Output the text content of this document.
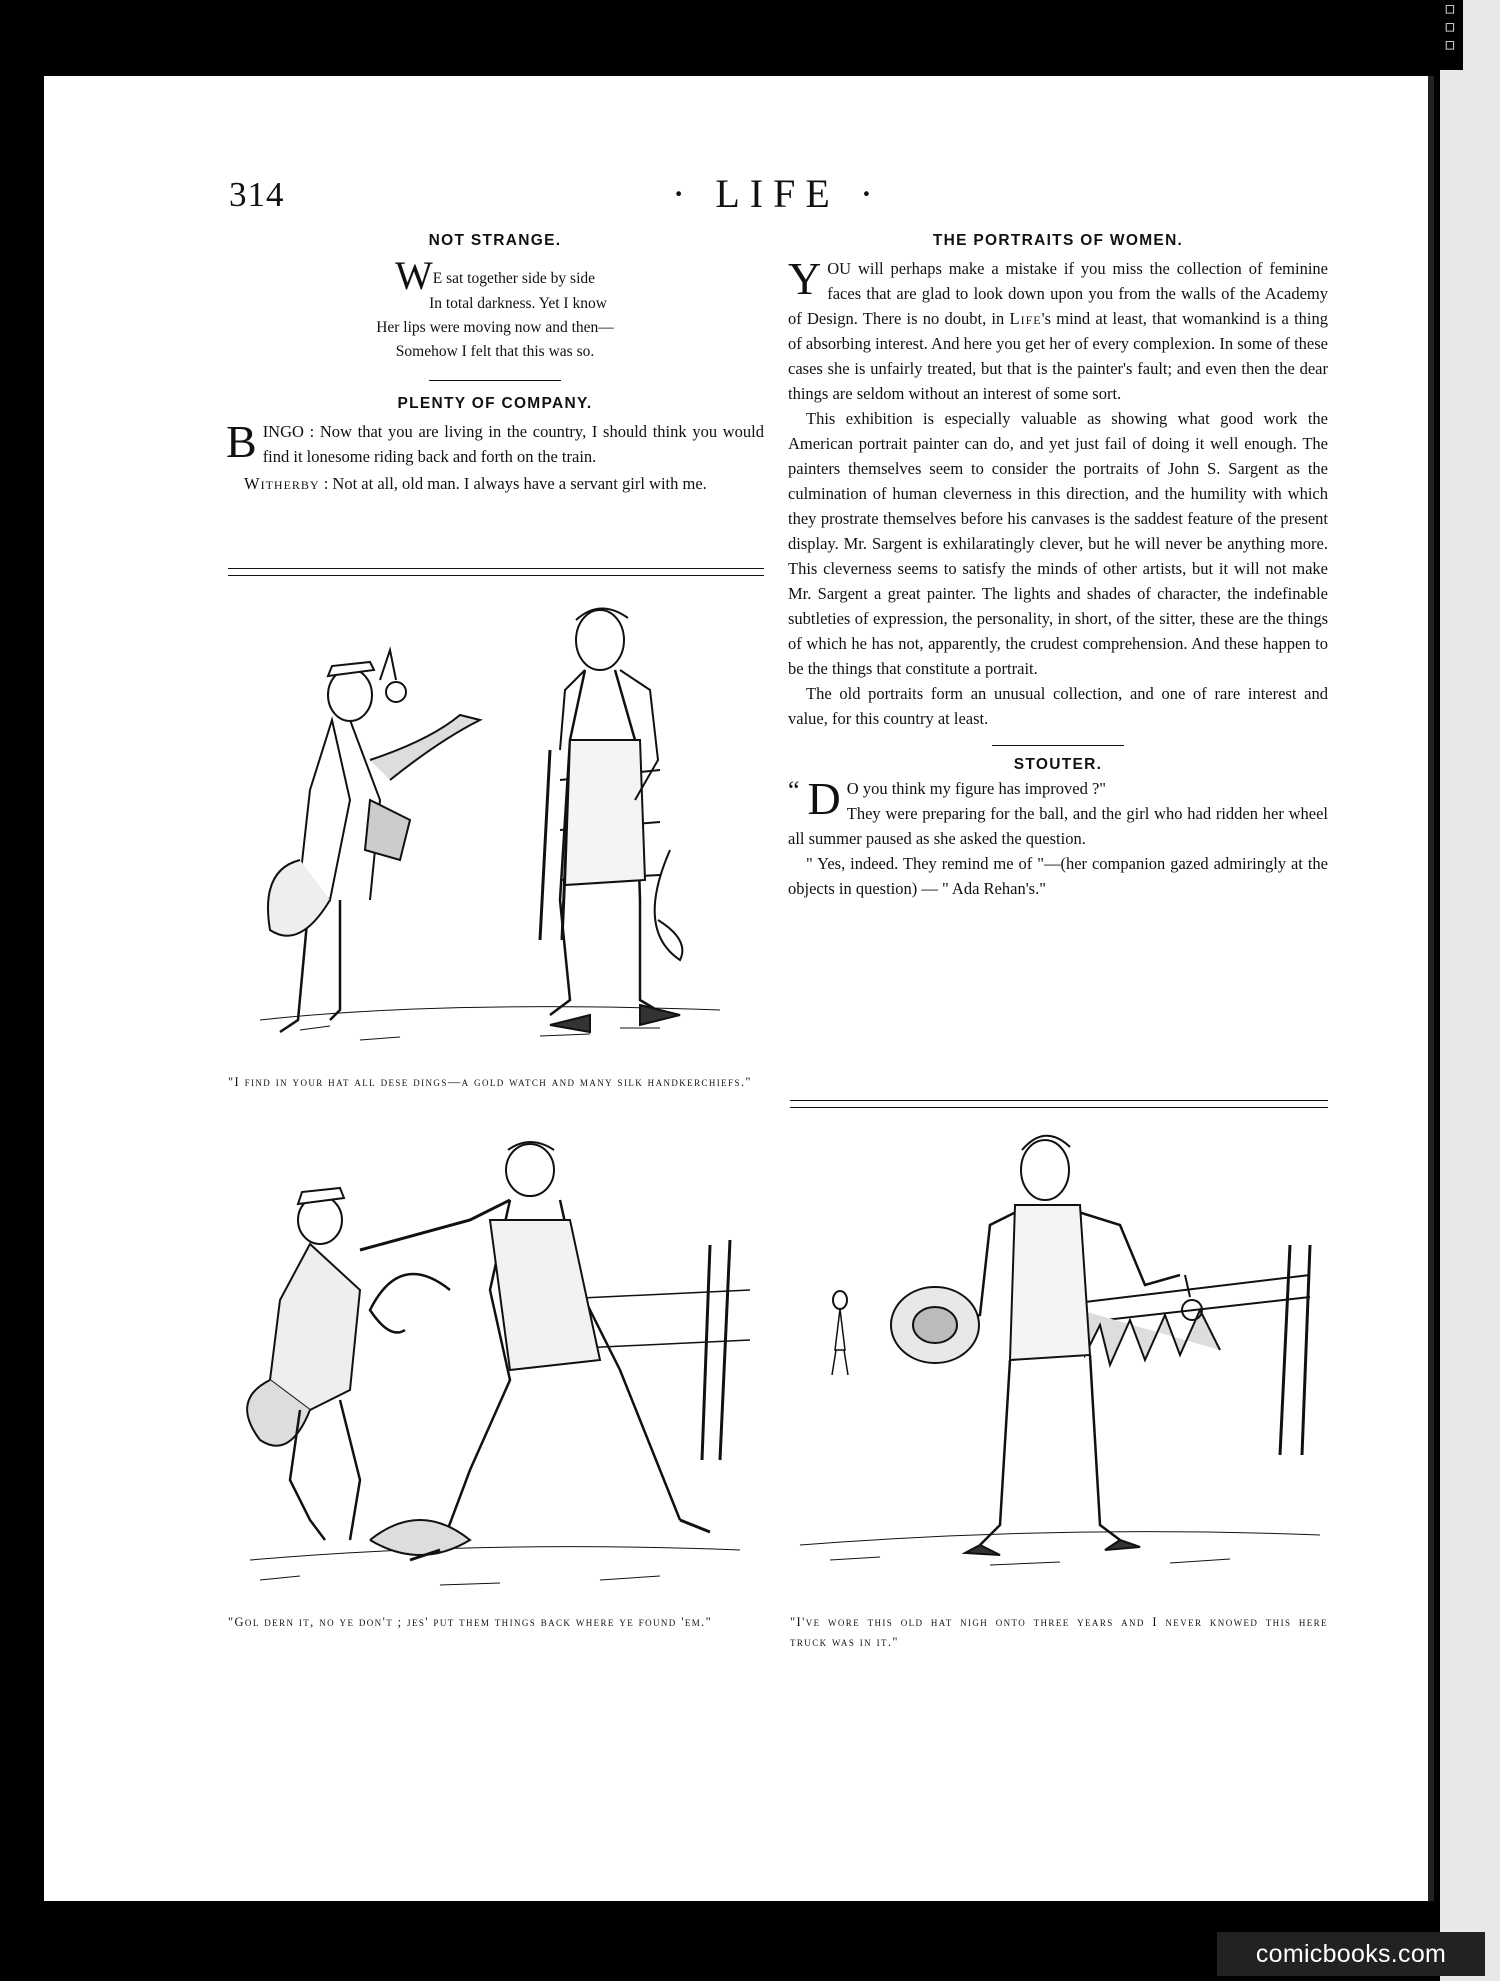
□
□
□
314	· LIFE ·
NOT STRANGE.
WE sat together side by side
In total darkness. Yet I know
Her lips were moving now and then—
Somehow I felt that this was so.
PLENTY OF COMPANY.

BINGO : Now that you are living in the country, I should think you would find it lonesome riding back and forth on the train.

Witherby : Not at all, old man. I always have a servant girl with me.

THE PORTRAITS OF WOMEN.

YOU will perhaps make a mistake if you miss the collection of feminine faces that are glad to look down upon you from the walls of the Academy of Design. There is no doubt, in Life's mind at least, that womankind is a thing of absorbing interest. And here you get her of every complexion. In some of these cases she is unfairly treated, but that is the painter's fault; and even then the dear things are seldom without an interest of some sort.

This exhibition is especially valuable as showing what good work the American portrait painter can do, and yet just fail of doing it well enough. The painters themselves seem to consider the portraits of John S. Sargent as the culmination of human cleverness in this direction, and the humility with which they prostrate themselves before his canvases is the saddest feature of the present display. Mr. Sargent is exhilaratingly clever, but he will never be anything more. This cleverness seems to satisfy the minds of other artists, but it will not make Mr. Sargent a great painter. The lights and shades of character, the indefinable subtleties of expression, the personality, in short, of the sitter, these are the things of which he has not, apparently, the crudest comprehension. And these happen to be the things that constitute a portrait.

The old portraits form an unusual collection, and one of rare interest and value, for this country at least.

STOUTER.

“ D O you think my figure has improved ?"
They were preparing for the ball, and the girl who had ridden her wheel all summer paused as she asked the question.

" Yes, indeed. They remind me of "—(her companion gazed admiringly at the objects in question) — " Ada Rehan's."

"I find in your hat all dese dings—a gold watch and many silk handkerchiefs."
"Gol dern it, no ye don't ; jes' put them things back where ye found 'em."	"I've wore this old hat nigh onto three years and I never knowed this here truck was in it."
comicbooks.com
